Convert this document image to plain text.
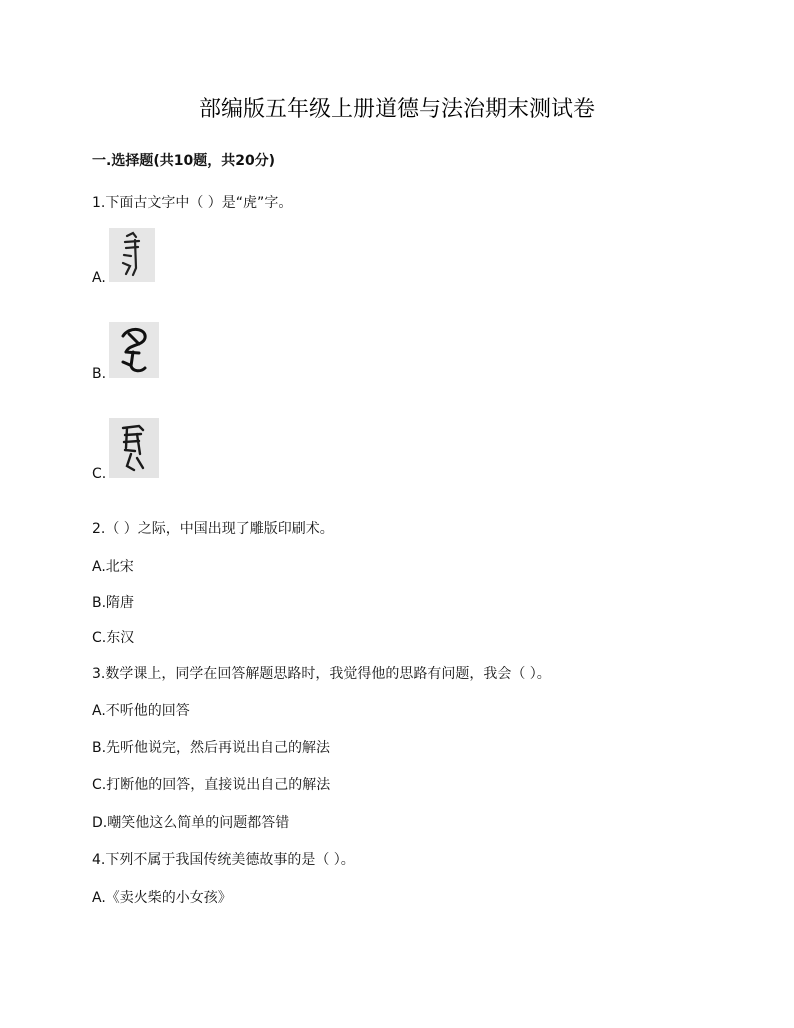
部编版五年级上册道德与法治期末测试卷
一.选择题(共10题，共20分)
1.下面古文字中（ ）是“虎”字。
A.
B.
C.
2.（ ）之际，中国出现了雕版印刷术。
A.北宋
B.隋唐
C.东汉
3.数学课上，同学在回答解题思路时，我觉得他的思路有问题，我会（ ）。
A.不听他的回答
B.先听他说完，然后再说出自己的解法
C.打断他的回答，直接说出自己的解法
D.嘲笑他这么简单的问题都答错
4.下列不属于我国传统美德故事的是（ ）。
A.《卖火柴的小女孩》
